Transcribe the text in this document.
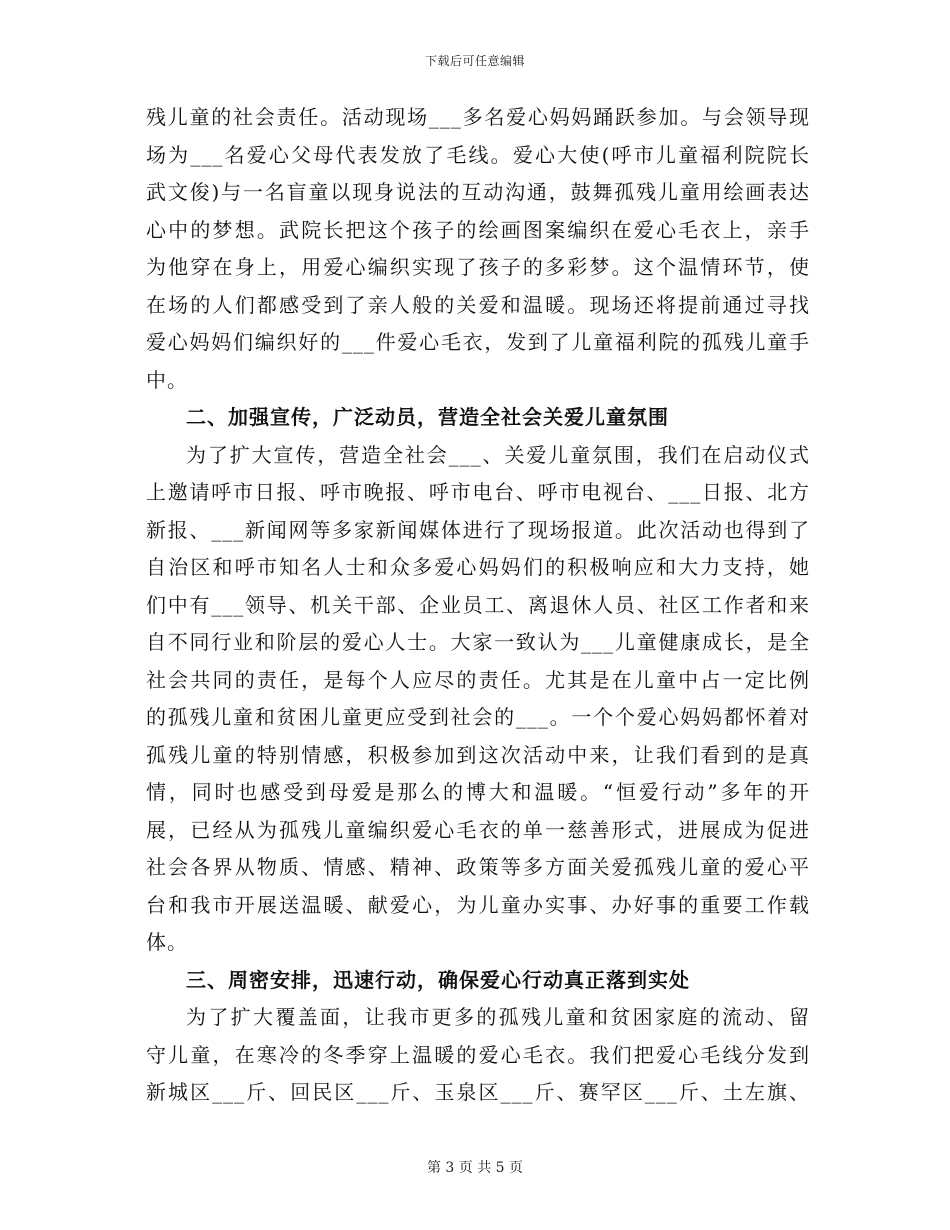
下载后可任意编辑
残儿童的社会责任。活动现场___多名爱心妈妈踊跃参加。与会领导现
场为___名爱心父母代表发放了毛线。爱心大使(呼市儿童福利院院长
武文俊)与一名盲童以现身说法的互动沟通，鼓舞孤残儿童用绘画表达
心中的梦想。武院长把这个孩子的绘画图案编织在爱心毛衣上，亲手
为他穿在身上，用爱心编织实现了孩子的多彩梦。这个温情环节，使
在场的人们都感受到了亲人般的关爱和温暖。现场还将提前通过寻找
爱心妈妈们编织好的___件爱心毛衣，发到了儿童福利院的孤残儿童手
中。
二、加强宣传，广泛动员，营造全社会关爱儿童氛围
为了扩大宣传，营造全社会___、关爱儿童氛围，我们在启动仪式
上邀请呼市日报、呼市晚报、呼市电台、呼市电视台、___日报、北方
新报、___新闻网等多家新闻媒体进行了现场报道。此次活动也得到了
自治区和呼市知名人士和众多爱心妈妈们的积极响应和大力支持，她
们中有___领导、机关干部、企业员工、离退休人员、社区工作者和来
自不同行业和阶层的爱心人士。大家一致认为___儿童健康成长，是全
社会共同的责任，是每个人应尽的责任。尤其是在儿童中占一定比例
的孤残儿童和贫困儿童更应受到社会的___。一个个爱心妈妈都怀着对
孤残儿童的特别情感，积极参加到这次活动中来，让我们看到的是真
情，同时也感受到母爱是那么的博大和温暖。“恒爱行动”多年的开
展，已经从为孤残儿童编织爱心毛衣的单一慈善形式，进展成为促进
社会各界从物质、情感、精神、政策等多方面关爱孤残儿童的爱心平
台和我市开展送温暖、献爱心，为儿童办实事、办好事的重要工作载
体。
三、周密安排，迅速行动，确保爱心行动真正落到实处
为了扩大覆盖面，让我市更多的孤残儿童和贫困家庭的流动、留
守儿童，在寒冷的冬季穿上温暖的爱心毛衣。我们把爱心毛线分发到
新城区___斤、回民区___斤、玉泉区___斤、赛罕区___斤、土左旗、
第 3 页 共 5 页
